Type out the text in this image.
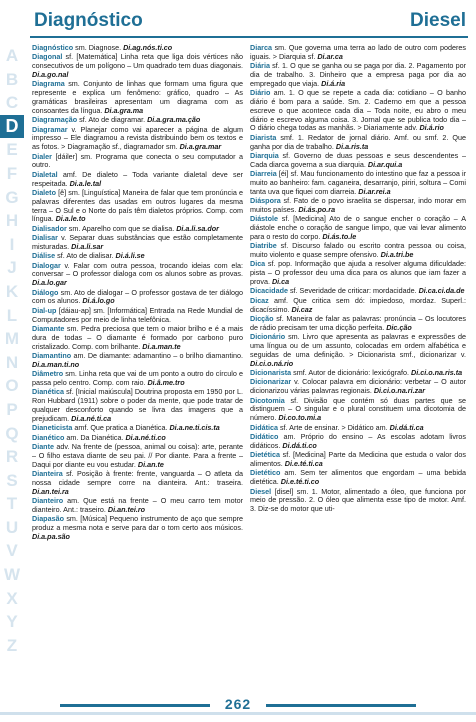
Diagnóstico	Diesel
A
B
C
D
E
F
G
H
I
J
K
L
M
N
O
P
Q
R
S
T
U
V
W
X
Y
Z
Diagnóstico sm. Diagnose. Di.ag.nós.ti.co
Diagonal sf. [Matemática] Linha reta que liga dois vértices não consecutivos de um polígono – Um quadrado tem duas diagonais. Di.a.go.nal
Diagrama sm. Conjunto de linhas que formam uma figura que represente e explica um fenômeno: gráfico, quadro – As gramáticas brasileiras apresentam um diagrama com as consoantes da língua. Di.a.gra.ma
Diagramação sf. Ato de diagramar. Di.a.gra.ma.ção
Diagramar v. Planejar como vai aparecer a página de algum impresso – Ele diagramou a revista distribuindo bem os textos e as fotos. > Diagramação sf., diagramador sm. Di.a.gra.mar
Dialer [dáiler] sm. Programa que conecta o seu computador a outro.
Dialetal amf. De dialeto – Toda variante dialetal deve ser respeitada. Di.a.le.tal
Dialeto [ê] sm. [Linguística] Maneira de falar que tem pronúncia e palavras diferentes das usadas em outros lugares da mesma terra – O Sul e o Norte do país têm dialetos próprios. Comp. com língua. Di.a.le.to
Dialisador sm. Aparelho com que se dialisa. Di.a.li.sa.dor
Dialisar v. Separar duas substâncias que estão completamente misturadas. Di.a.li.sar
Diálise sf. Ato de dialisar. Di.á.li.se
Dialogar v. Falar com outra pessoa, trocando ideias com ela: conversar – O professor dialoga com os alunos sobre as provas. Di.a.lo.gar
Diálogo sm. Ato de dialogar – O professor gostava de ter diálogo com os alunos. Di.á.lo.go
Dial-up [dáiau-ap] sm. [Informática] Entrada na Rede Mundial de Computadores por meio de linha telefônica.
Diamante sm. Pedra preciosa que tem o maior brilho e é a mais dura de todas – O diamante é formado por carbono puro cristalizado. Comp. com brilhante. Di.a.man.te
Diamantino am. De diamante: adamantino – o brilho diamantino. Di.a.man.ti.no
Diâmetro sm. Linha reta que vai de um ponto a outro do círculo e passa pelo centro. Comp. com raio. Di.â.me.tro
Dianética sf. [Inicial maiúscula] Doutrina proposta em 1950 por L. Ron Hubbard (1911) sobre o poder da mente, que pode tratar de qualquer desconforto quando se livra das imagens que a prejudicam. Di.a.né.ti.ca
Dianeticista amf. Que pratica a Dianética. Di.a.ne.ti.cis.ta
Dianético am. Da Dianética. Di.a.né.ti.co
Diante adv. Na frente de (pessoa, animal ou coisa): arte, perante – O filho estava diante de seu pai. // Por diante. Para a frente – Daqui por diante eu vou estudar. Di.an.te
Dianteira sf. Posição à frente: frente, vanguarda – O atleta da nossa cidade sempre corre na dianteira. Ant.: traseira. Di.an.tei.ra
Dianteiro am. Que está na frente – O meu carro tem motor dianteiro. Ant.: traseiro. Di.an.tei.ro
Diapasão sm. [Música] Pequeno instrumento de aço que sempre produz a mesma nota e serve para dar o tom certo aos músicos. Di.a.pa.são
Diarca sm. Que governa uma terra ao lado de outro com poderes iguais. > Diarquia sf. Di.ar.ca
Diária sf. 1. O que se ganha ou se paga por dia. 2. Pagamento por dia de trabalho. 3. Dinheiro que a empresa paga por dia ao empregado que viaja. Di.á.ria
Diário am. 1. O que se repete a cada dia: cotidiano – O banho diário é bom para a saúde. Sm. 2. Caderno em que a pessoa escreve o que acontece cada dia – Toda noite, eu abro o meu diário e escrevo alguma coisa. 3. Jornal que se publica todo dia – O diário chega todas as manhãs. > Diariamente adv. Di.á.rio
Diarista smf. 1. Redator de jornal diário. Amf. ou smf. 2. Que ganha por dia de trabalho. Di.a.ris.ta
Diarquia sf. Governo de duas pessoas e seus descendentes – Cada diarca governa a sua diarquia. Di.ar.qui.a
Diarreia [éi] sf. Mau funcionamento do intestino que faz a pessoa ir muito ao banheiro: fam. caganeira, desarranjo, piriri, soltura – Comi tanta uva que fiquei com diarreia. Di.ar.rei.a
Diáspora sf. Fato de o povo israelita se dispersar, indo morar em muitos países. Di.ás.po.ra
Diástole sf. [Medicina] Ato de o sangue encher o coração – A diástole enche o coração de sangue limpo, que vai levar alimento para o resto do corpo. Di.ás.to.le
Diatribe sf. Discurso falado ou escrito contra pessoa ou coisa, muito violento e quase sempre ofensivo. Di.a.tri.be
Dica sf. pop. Informação que ajuda a resolver alguma dificuldade: pista – O professor deu uma dica para os alunos que iam fazer a prova. Di.ca
Dicacidade sf. Severidade de criticar: mordacidade. Di.ca.ci.da.de
Dicaz amf. Que critica sem dó: impiedoso, mordaz. Superl.: dicacíssimo. Di.caz
Dicção sf. Maneira de falar as palavras: pronúncia – Os locutores de rádio precisam ter uma dicção perfeita. Dic.ção
Dicionário sm. Livro que apresenta as palavras e expressões de uma língua ou de um assunto, colocadas em ordem alfabética e seguidas de uma definição. > Dicionarista smf., dicionarizar v. Di.ci.o.ná.rio
Dicionarista smf. Autor de dicionário: lexicógrafo. Di.ci.o.na.ris.ta
Dicionarizar v. Colocar palavra em dicionário: verbetar – O autor dicionarizou várias palavras regionais. Di.ci.o.na.ri.zar
Dicotomia sf. Divisão que contém só duas partes que se distinguem – O singular e o plural constituem uma dicotomia de número. Di.co.to.mi.a
Didática sf. Arte de ensinar. > Didático am. Di.dá.ti.ca
Didático am. Próprio do ensino – As escolas adotam livros didáticos. Di.dá.ti.co
Dietética sf. [Medicina] Parte da Medicina que estuda o valor dos alimentos. Di.e.té.ti.ca
Dietético am. Sem ter alimentos que engordam – uma bebida dietética. Di.e.té.ti.co
Diesel [disel] sm. 1. Motor, alimentado a óleo, que funciona por meio de pressão. 2. O óleo que alimenta esse tipo de motor. Amf. 3. Diz-se do motor que uti-
262
